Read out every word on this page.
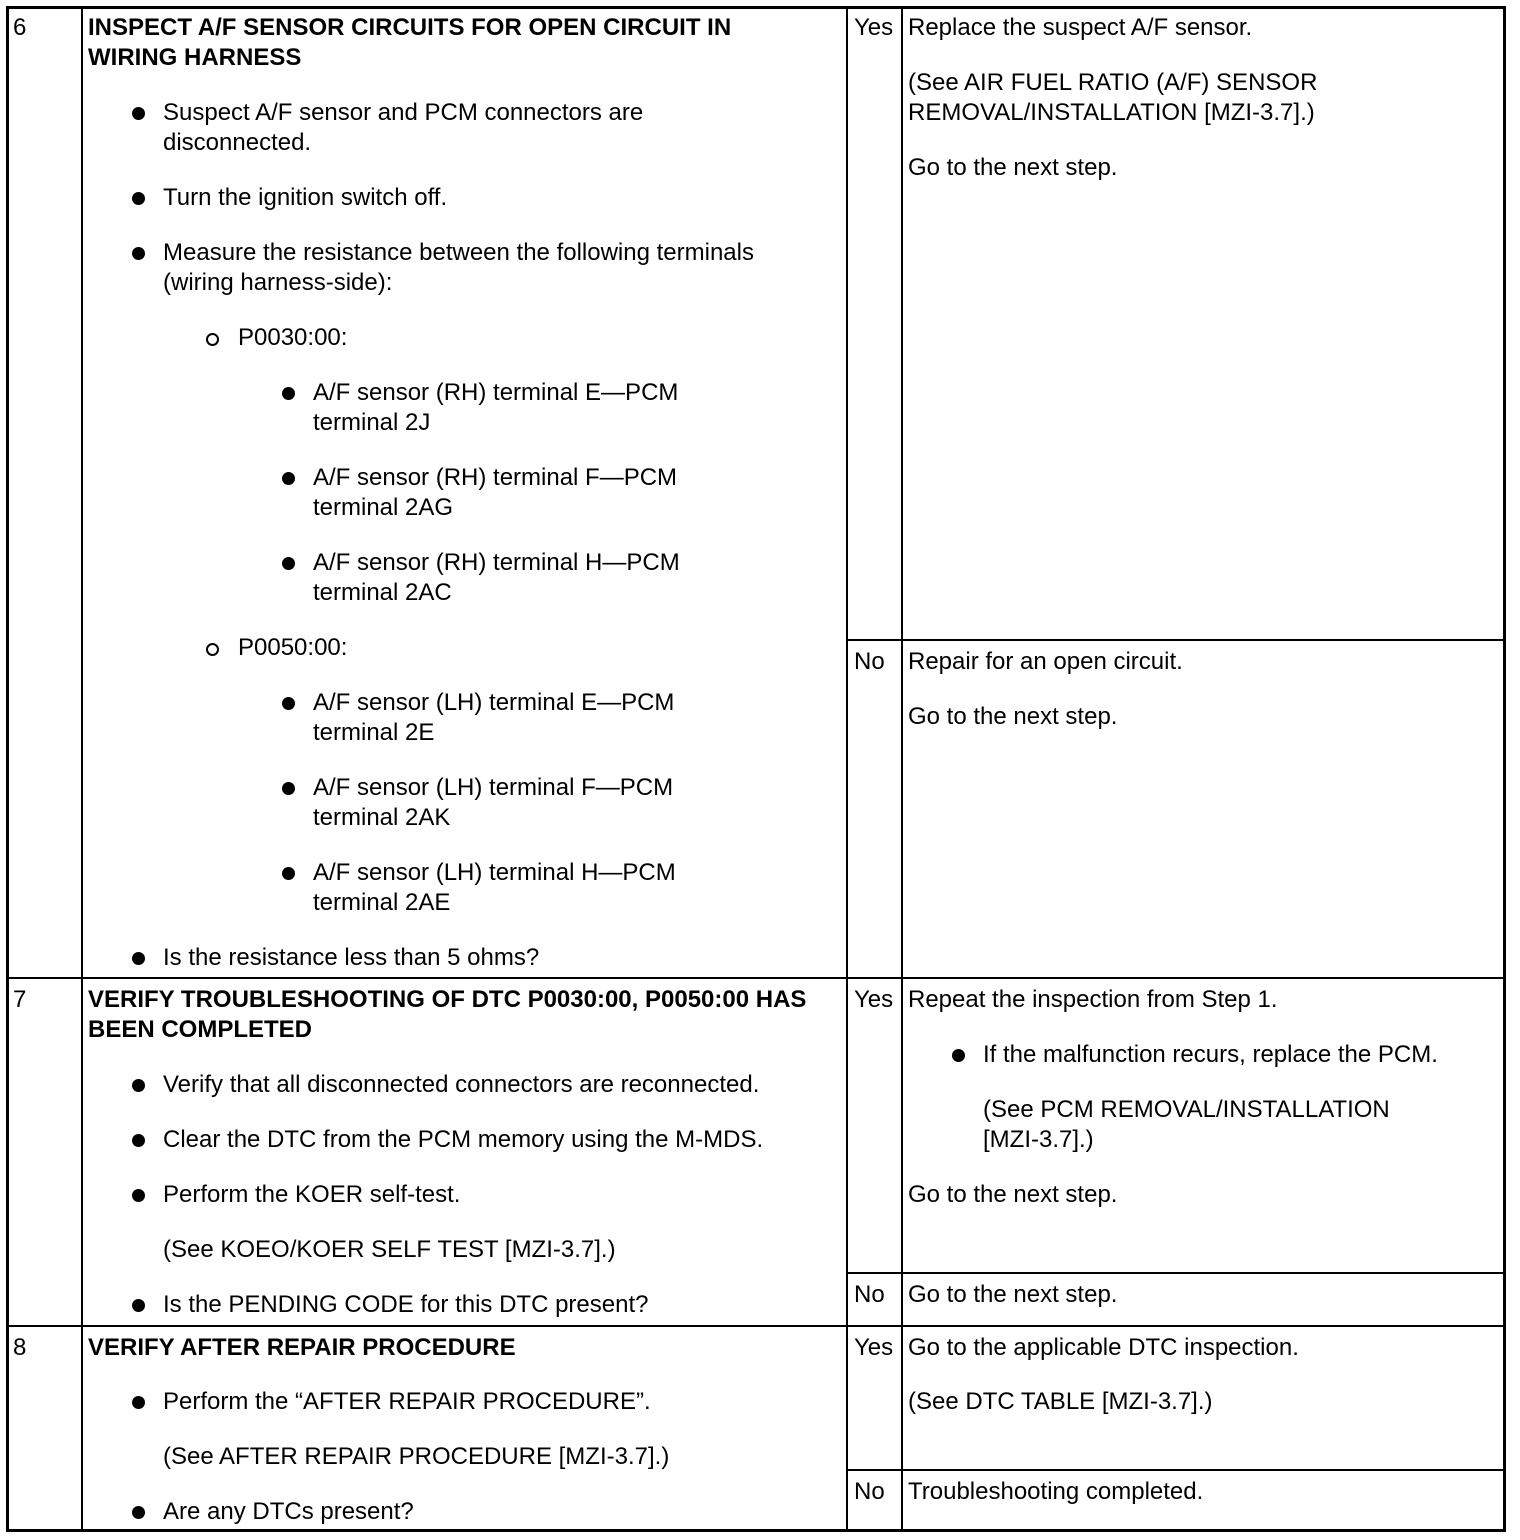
6	INSPECT A/F SENSOR CIRCUITS FOR OPEN CIRCUIT IN
WIRING HARNESS
Suspect A/F sensor and PCM connectors are
disconnected.
Turn the ignition switch off.
Measure the resistance between the following terminals
(wiring harness-side):
P0030:00:
A/F sensor (RH) terminal E—PCM
terminal 2J
A/F sensor (RH) terminal F—PCM
terminal 2AG
A/F sensor (RH) terminal H—PCM
terminal 2AC
P0050:00:
A/F sensor (LH) terminal E—PCM
terminal 2E
A/F sensor (LH) terminal F—PCM
terminal 2AK
A/F sensor (LH) terminal H—PCM
terminal 2AE
Is the resistance less than 5 ohms?
Yes Replace the suspect A/F sensor.
(See AIR FUEL RATIO (A/F) SENSOR
REMOVAL/INSTALLATION [MZI-3.7].)
Go to the next step.
No Repair for an open circuit.
Go to the next step.
7	VERIFY TROUBLESHOOTING OF DTC P0030:00, P0050:00 HAS
BEEN COMPLETED
Verify that all disconnected connectors are reconnected.
Clear the DTC from the PCM memory using the M-MDS.
Perform the KOER self-test.
(See KOEO/KOER SELF TEST [MZI-3.7].)
Is the PENDING CODE for this DTC present?
Yes Repeat the inspection from Step 1.
If the malfunction recurs, replace the PCM.
(See PCM REMOVAL/INSTALLATION
[MZI-3.7].)
Go to the next step.
No Go to the next step.
8	VERIFY AFTER REPAIR PROCEDURE
Perform the “AFTER REPAIR PROCEDURE”.
(See AFTER REPAIR PROCEDURE [MZI-3.7].)
Are any DTCs present?
Yes Go to the applicable DTC inspection.
(See DTC TABLE [MZI-3.7].)
No Troubleshooting completed.
